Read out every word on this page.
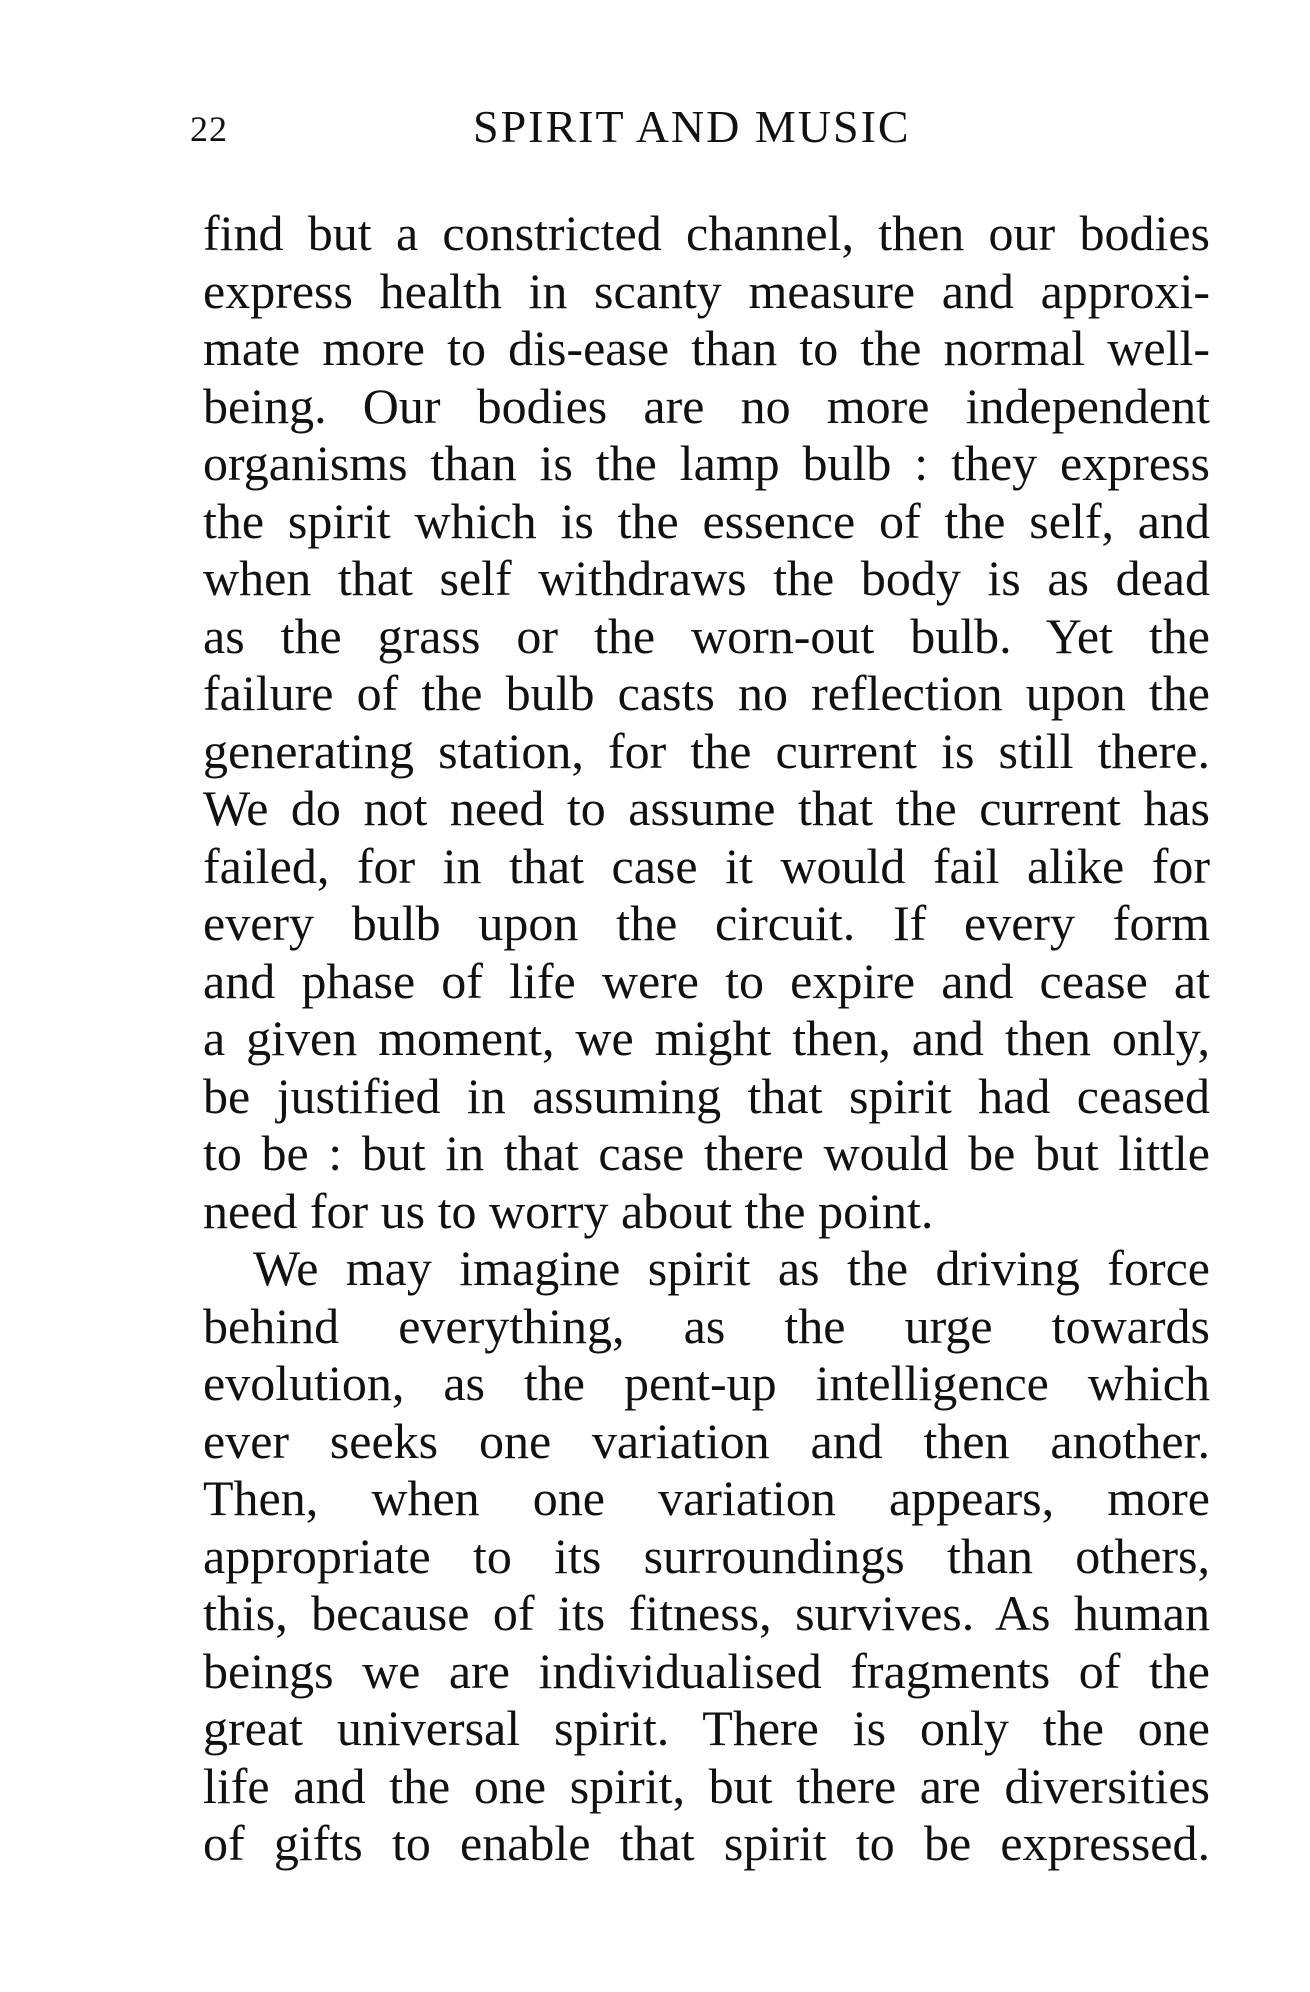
22	SPIRIT AND MUSIC
find but a constricted channel, then our bodies
express health in scanty measure and approxi-
mate more to dis-ease than to the normal well-
being. Our bodies are no more independent
organisms than is the lamp bulb : they express
the spirit which is the essence of the self, and
when that self withdraws the body is as dead
as the grass or the worn-out bulb. Yet the
failure of the bulb casts no reflection upon the
generating station, for the current is still there.
We do not need to assume that the current has
failed, for in that case it would fail alike for
every bulb upon the circuit. If every form
and phase of life were to expire and cease at
a given moment, we might then, and then only,
be justified in assuming that spirit had ceased
to be : but in that case there would be but little
need for us to worry about the point.
We may imagine spirit as the driving force
behind everything, as the urge towards
evolution, as the pent-up intelligence which
ever seeks one variation and then another.
Then, when one variation appears, more
appropriate to its surroundings than others,
this, because of its fitness, survives. As human
beings we are individualised fragments of the
great universal spirit. There is only the one
life and the one spirit, but there are diversities
of gifts to enable that spirit to be expressed.
